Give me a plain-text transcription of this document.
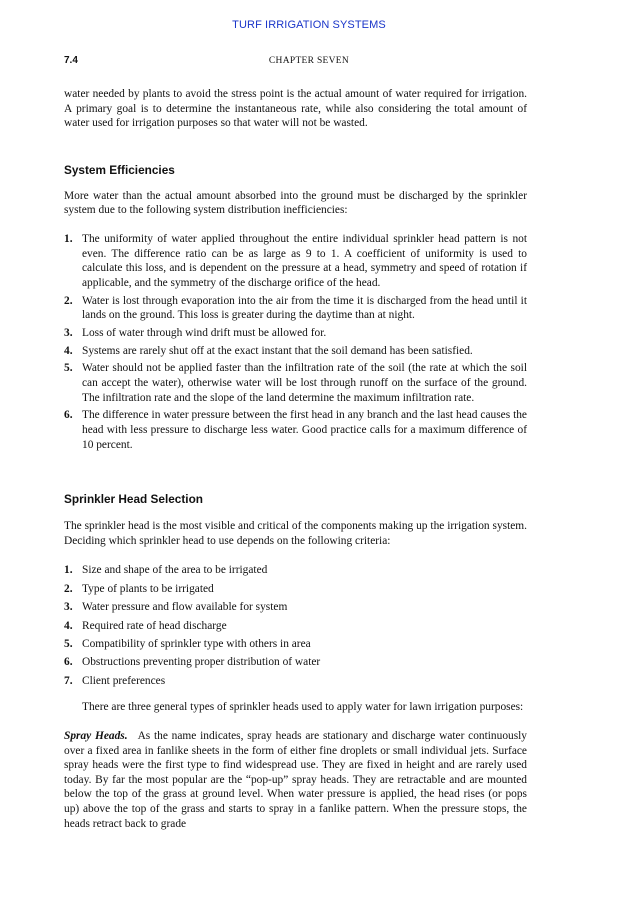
TURF IRRIGATION SYSTEMS
7.4	CHAPTER SEVEN

water needed by plants to avoid the stress point is the actual amount of water required for irrigation. A primary goal is to determine the instantaneous rate, while also considering the total amount of water used for irrigation purposes so that water will not be wasted.

System Efficiencies

More water than the actual amount absorbed into the ground must be discharged by the sprinkler system due to the following system distribution inefficiencies:

1. The uniformity of water applied throughout the entire individual sprinkler head pattern is not even. The difference ratio can be as large as 9 to 1. A coefficient of uniformity is used to calculate this loss, and is dependent on the pressure at a head, symmetry and speed of rotation if applicable, and the symmetry of the discharge orifice of the head.
2. Water is lost through evaporation into the air from the time it is discharged from the head until it lands on the ground. This loss is greater during the daytime than at night.
3. Loss of water through wind drift must be allowed for.
4. Systems are rarely shut off at the exact instant that the soil demand has been satisfied.
5. Water should not be applied faster than the infiltration rate of the soil (the rate at which the soil can accept the water), otherwise water will be lost through runoff on the surface of the ground. The infiltration rate and the slope of the land determine the maximum infiltration rate.
6. The difference in water pressure between the first head in any branch and the last head causes the head with less pressure to discharge less water. Good practice calls for a maximum difference of 10 percent.
Sprinkler Head Selection

The sprinkler head is the most visible and critical of the components making up the irrigation system. Deciding which sprinkler head to use depends on the following criteria:

1. Size and shape of the area to be irrigated
2. Type of plants to be irrigated
3. Water pressure and flow available for system
4. Required rate of head discharge
5. Compatibility of sprinkler type with others in area
6. Obstructions preventing proper distribution of water
7. Client preferences

There are three general types of sprinkler heads used to apply water for lawn irrigation purposes:

Spray Heads. As the name indicates, spray heads are stationary and discharge water continuously over a fixed area in fanlike sheets in the form of either fine droplets or small individual jets. Surface spray heads were the first type to find widespread use. They are fixed in height and are rarely used today. By far the most popular are the “pop-up” spray heads. They are retractable and are mounted below the top of the grass at ground level. When water pressure is applied, the head rises (or pops up) above the top of the grass and starts to spray in a fanlike pattern. When the pressure stops, the heads retract back to grade
